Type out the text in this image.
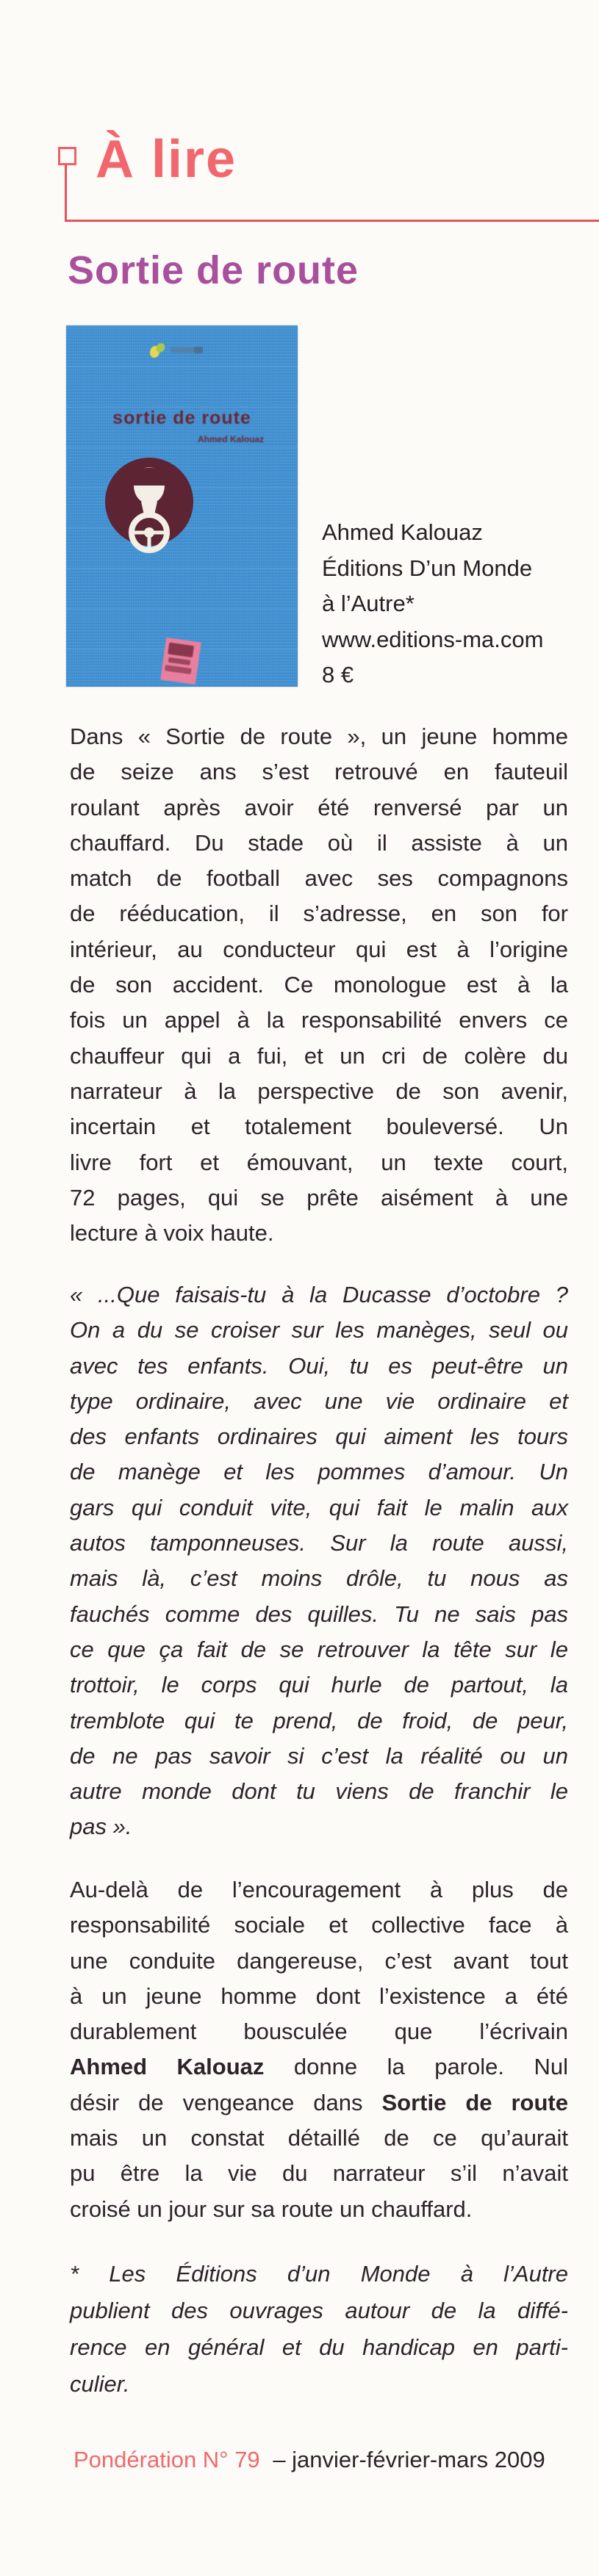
À lire
Sortie de route

sortie de route

Ahmed Kalouaz
Ahmed Kalouaz
Éditions D’un Monde
à l’Autre*
www.editions-ma.com
8 €
Dans « Sortie de route », un jeune homme
de seize ans s’est retrouvé en fauteuil
roulant après avoir été renversé par un
chauffard. Du stade où il assiste à un
match de football avec ses compagnons
de rééducation, il s’adresse, en son for
intérieur, au conducteur qui est à l’origine
de son accident. Ce monologue est à la
fois un appel à la responsabilité envers ce
chauffeur qui a fui, et un cri de colère du
narrateur à la perspective de son avenir,
incertain et totalement bouleversé. Un
livre fort et émouvant, un texte court,
72 pages, qui se prête aisément à une
lecture à voix haute.
« ...Que faisais-tu à la Ducasse d’octobre ?
On a du se croiser sur les manèges, seul ou
avec tes enfants. Oui, tu es peut-être un
type ordinaire, avec une vie ordinaire et
des enfants ordinaires qui aiment les tours
de manège et les pommes d’amour. Un
gars qui conduit vite, qui fait le malin aux
autos tamponneuses. Sur la route aussi,
mais là, c’est moins drôle, tu nous as
fauchés comme des quilles. Tu ne sais pas
ce que ça fait de se retrouver la tête sur le
trottoir, le corps qui hurle de partout, la
tremblote qui te prend, de froid, de peur,
de ne pas savoir si c’est la réalité ou un
autre monde dont tu viens de franchir le
pas ».
Au-delà de l’encouragement à plus de
responsabilité sociale et collective face à
une conduite dangereuse, c’est avant tout
à un jeune homme dont l’existence a été
durablement bousculée que l’écrivain
Ahmed Kalouaz donne la parole. Nul
désir de vengeance dans Sortie de route
mais un constat détaillé de ce qu’aurait
pu être la vie du narrateur s’il n’avait
croisé un jour sur sa route un chauffard.
* Les Éditions d’un Monde à l’Autre
publient des ouvrages autour de la diffé-
rence en général et du handicap en parti-
culier.
Pondération N° 79 – janvier-février-mars 2009
